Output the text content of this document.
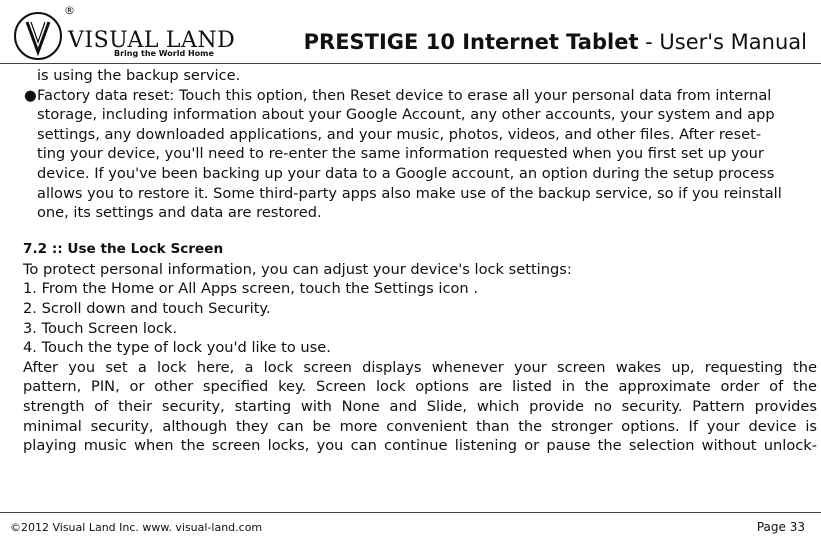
®
VISUAL LAND
Bring the World Home	PRESTIGE 10 Internet Tablet - User's Manual
is using the backup service.
● Factory data reset: Touch this option, then Reset device to erase all your personal data from internal
storage, including information about your Google Account, any other accounts, your system and app
settings, any downloaded applications, and your music, photos, videos, and other files. After reset-
ting your device, you'll need to re-enter the same information requested when you first set up your
device. If you've been backing up your data to a Google account, an option during the setup process
allows you to restore it. Some third-party apps also make use of the backup service, so if you reinstall
one, its settings and data are restored.
7.2 :: Use the Lock Screen
To protect personal information, you can adjust your device's lock settings:
1. From the Home or All Apps screen, touch the Settings icon .
2. Scroll down and touch Security.
3. Touch Screen lock.
4. Touch the type of lock you'd like to use.
After you set a lock here, a lock screen displays whenever your screen wakes up, requesting the
pattern, PIN, or other specified key. Screen lock options are listed in the approximate order of the
strength of their security, starting with None and Slide, which provide no security. Pattern provides
minimal security, although they can be more convenient than the stronger options. If your device is
playing music when the screen locks, you can continue listening or pause the selection without unlock-
©2012 Visual Land Inc. www. visual-land.com	Page 33
